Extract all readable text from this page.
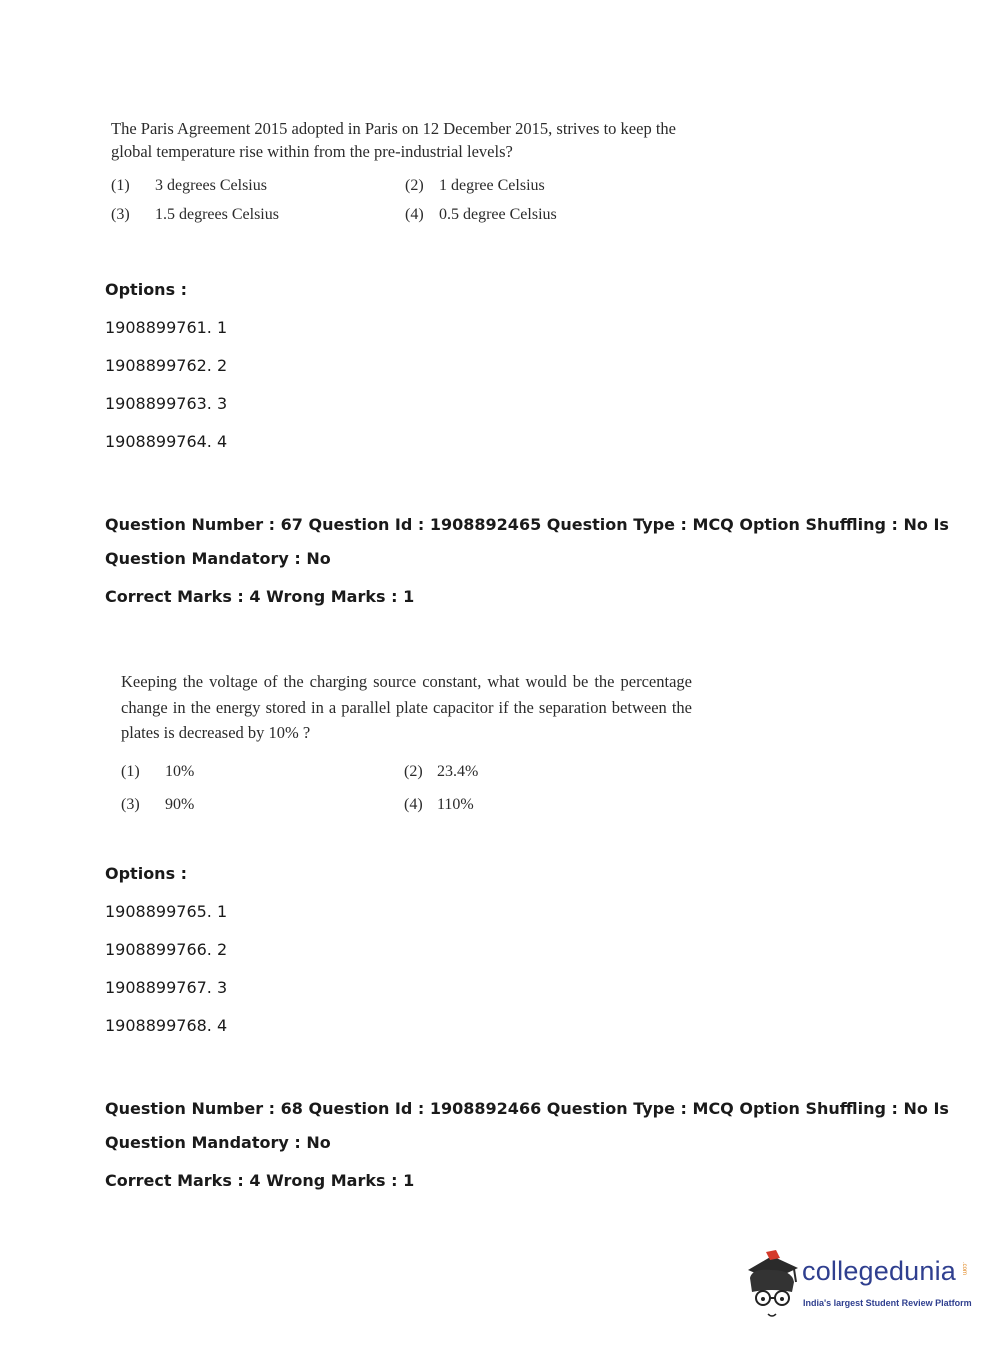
The Paris Agreement 2015 adopted in Paris on 12 December 2015, strives to keep the global temperature rise within from the pre-industrial levels?

(1) 3 degrees Celsius	(2) 1 degree Celsius
(3) 1.5 degrees Celsius	(4) 0.5 degree Celsius
Options :
1908899761. 1
1908899762. 2
1908899763. 3
1908899764. 4
Question Number : 67 Question Id : 1908892465 Question Type : MCQ Option Shuffling : No Is
Question Mandatory : No
Correct Marks : 4 Wrong Marks : 1

Keeping the voltage of the charging source constant, what would be the percentage change in the energy stored in a parallel plate capacitor if the separation between the plates is decreased by 10% ?

(1) 10%	(2) 23.4%
(3) 90%	(4) 110%
Options :
1908899765. 1
1908899766. 2
1908899767. 3
1908899768. 4
Question Number : 68 Question Id : 1908892466 Question Type : MCQ Option Shuffling : No Is
Question Mandatory : No
Correct Marks : 4 Wrong Marks : 1
collegedunia .com
India's largest Student Review Platform
